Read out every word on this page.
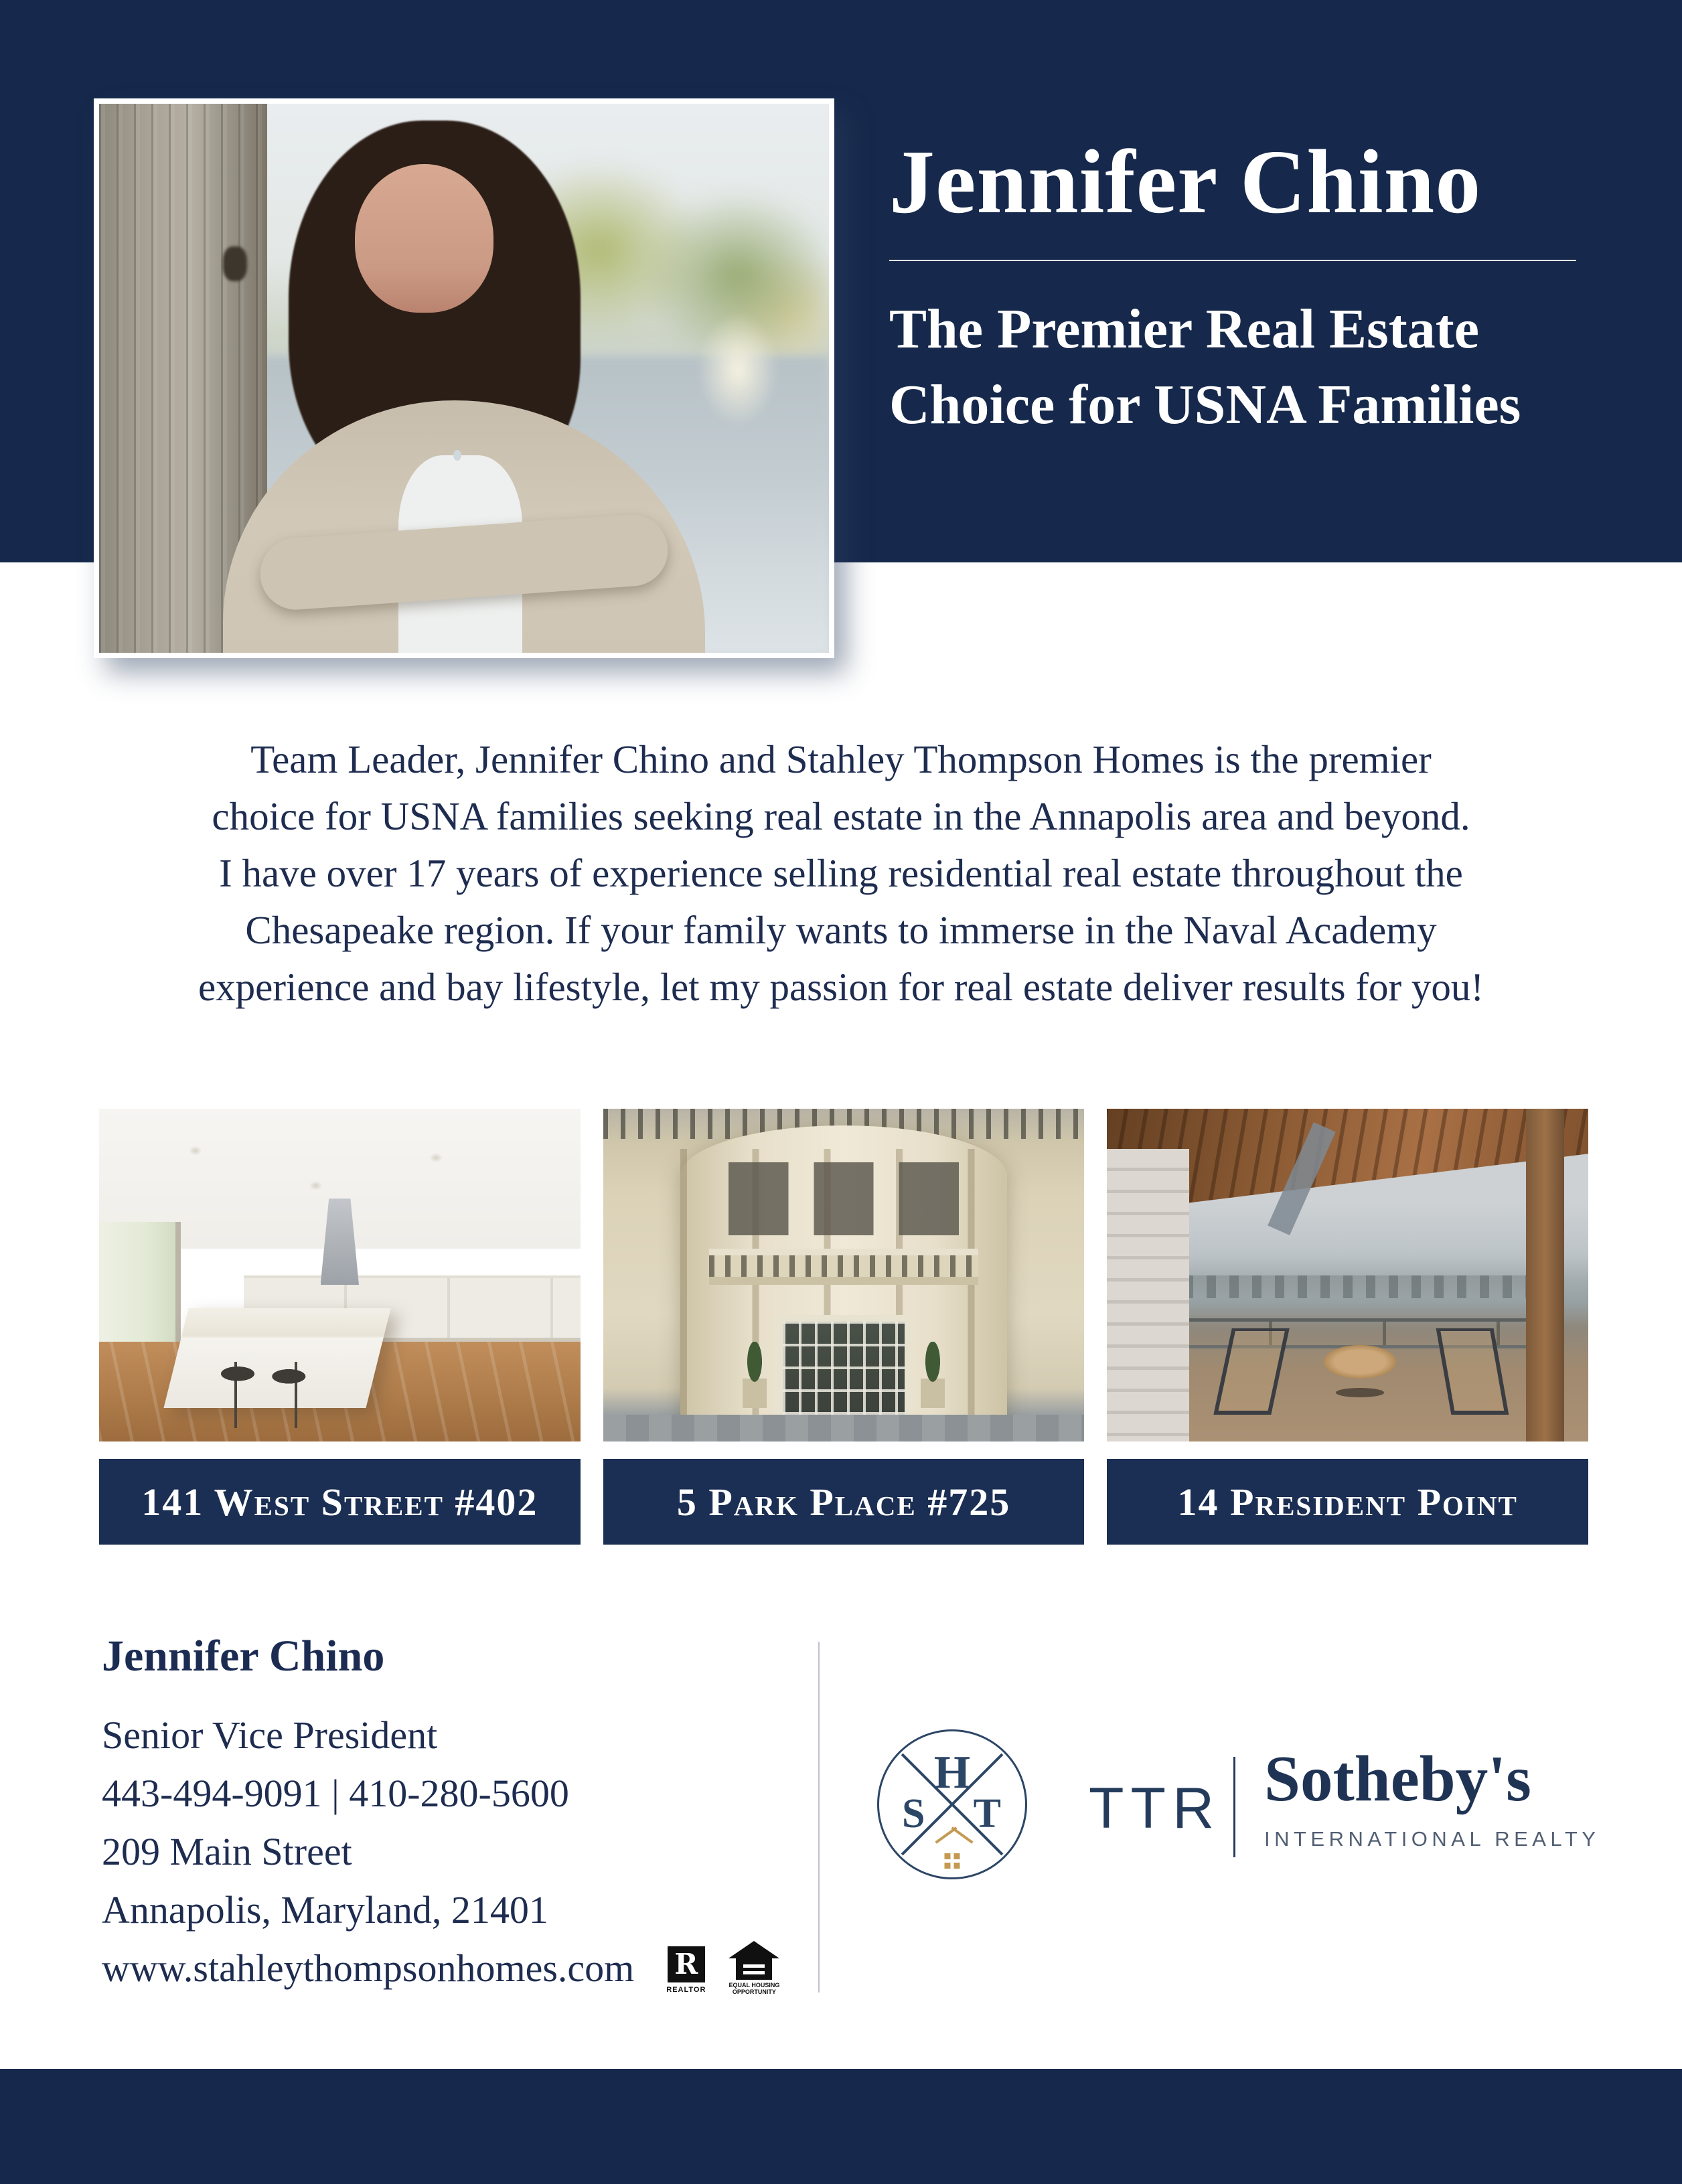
Jennifer Chino
The Premier Real Estate
Choice for USNA Families
Team Leader, Jennifer Chino and Stahley Thompson Homes is the premier
choice for USNA families seeking real estate in the Annapolis area and beyond.
I have over 17 years of experience selling residential real estate throughout the
Chesapeake region. If your family wants to immerse in the Naval Academy
experience and bay lifestyle, let my passion for real estate deliver results for you!
141 West Street #402	5 Park Place #725	14 President Point
Jennifer Chino
Senior Vice President
443-494-9091 | 410-280-5600
209 Main Street
Annapolis, Maryland, 21401
www.stahleythompsonhomes.com R
REALTOR
EQUAL HOUSING
OPPORTUNITY
H
S T TTR Sotheby's
INTERNATIONAL REALTY
